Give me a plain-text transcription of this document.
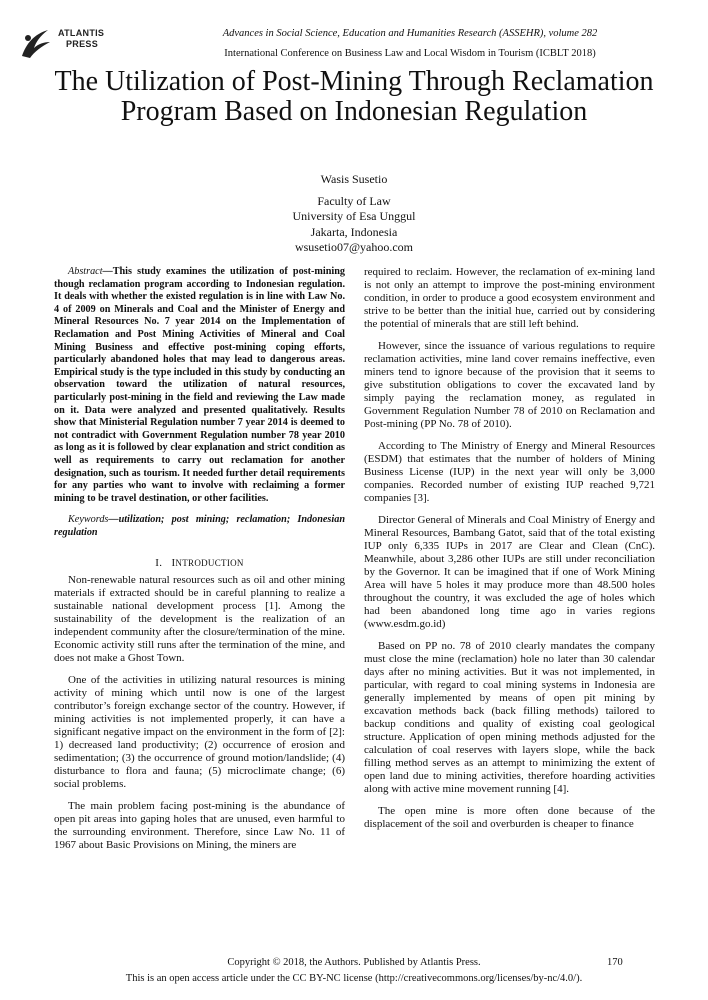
ATLANTIS
PRESS
Advances in Social Science, Education and Humanities Research (ASSEHR), volume 282
International Conference on Business Law and Local Wisdom in Tourism (ICBLT 2018)
The Utilization of Post-Mining Through Reclamation Program Based on Indonesian Regulation
Wasis Susetio
Faculty of Law
University of Esa Unggul
Jakarta, Indonesia
wsusetio07@yahoo.com

Abstract—This study examines the utilization of post-mining though reclamation program according to Indonesian regulation. It deals with whether the existed regulation is in line with Law No. 4 of 2009 on Minerals and Coal and the Minister of Energy and Mineral Resources No. 7 year 2014 on the Implementation of Reclamation and Post Mining Activities of Mineral and Coal Mining Business and effective post-mining coping efforts, particularly abandoned holes that may lead to dangerous areas. Empirical study is the type included in this study by conducting an observation toward the utilization of natural resources, particularly post-mining in the field and reviewing the Law made on it. Data were analyzed and presented qualitatively. Results show that Ministerial Regulation number 7 year 2014 is deemed to not contradict with Government Regulation number 78 year 2010 as long as it is followed by clear explanation and strict condition as well as requirements to carry out reclamation for another designation, such as tourism. It needed further detail requirements for any parties who want to involve with reclaiming a former mining to be travel destination, or other facilities.

Keywords—utilization; post mining; reclamation; Indonesian regulation

I. INTRODUCTION

Non-renewable natural resources such as oil and other mining materials if extracted should be in careful planning to realize a sustainable national development process [1]. Among the sustainability of the development is the realization of an independent community after the closure/termination of the mine. Economic activity still runs after the termination of the mine, and does not make a Ghost Town.

One of the activities in utilizing natural resources is mining activity of mining which until now is one of the largest contributor’s foreign exchange sector of the country. However, if mining activities is not implemented properly, it can have a significant negative impact on the environment in the form of [2]: 1) decreased land productivity; (2) occurrence of erosion and sedimentation; (3) the occurrence of ground motion/landslide; (4) disturbance to flora and fauna; (5) microclimate change; (6) social problems.

The main problem facing post-mining is the abundance of open pit areas into gaping holes that are unused, even harmful to the surrounding environment. Therefore, since Law No. 11 of 1967 about Basic Provisions on Mining, the miners are

required to reclaim. However, the reclamation of ex-mining land is not only an attempt to improve the post-mining environment condition, in order to produce a good ecosystem environment and strive to be better than the initial hue, carried out by considering the potential of minerals that are still left behind.

However, since the issuance of various regulations to require reclamation activities, mine land cover remains ineffective, even miners tend to ignore because of the provision that it seems to give substitution obligations to cover the excavated land by simply paying the reclamation money, as regulated in Government Regulation Number 78 of 2010 on Reclamation and Post-mining (PP No. 78 of 2010).

According to The Ministry of Energy and Mineral Resources (ESDM) that estimates that the number of holders of Mining Business License (IUP) in the next year will only be 3,000 companies. Recorded number of existing IUP reached 9,721 companies [3].

Director General of Minerals and Coal Ministry of Energy and Mineral Resources, Bambang Gatot, said that of the total existing IUP only 6,335 IUPs in 2017 are Clear and Clean (CnC). Meanwhile, about 3,286 other IUPs are still under reconciliation by the Governor. It can be imagined that if one of Work Mining Area will have 5 holes it may produce more than 48.500 holes throughout the country, it was excluded the age of holes which had been abandoned long time ago in varies regions (www.esdm.go.id)

Based on PP no. 78 of 2010 clearly mandates the company must close the mine (reclamation) hole no later than 30 calendar days after no mining activities. But it was not implemented, in particular, with regard to coal mining systems in Indonesia are generally implemented by means of open pit mining by excavation methods back (back filling methods) tailored to backup conditions and quality of existing coal geological structure. Application of open mining methods adjusted for the calculation of coal reserves with layers slope, while the back filling method serves as an attempt to minimizing the extent of open land due to mining activities, therefore hoarding activities along with active mine movement running [4].

The open mine is more often done because of the displacement of the soil and overburden is cheaper to finance

Copyright © 2018, the Authors. Published by Atlantis Press.	170
This is an open access article under the CC BY-NC license (http://creativecommons.org/licenses/by-nc/4.0/).
